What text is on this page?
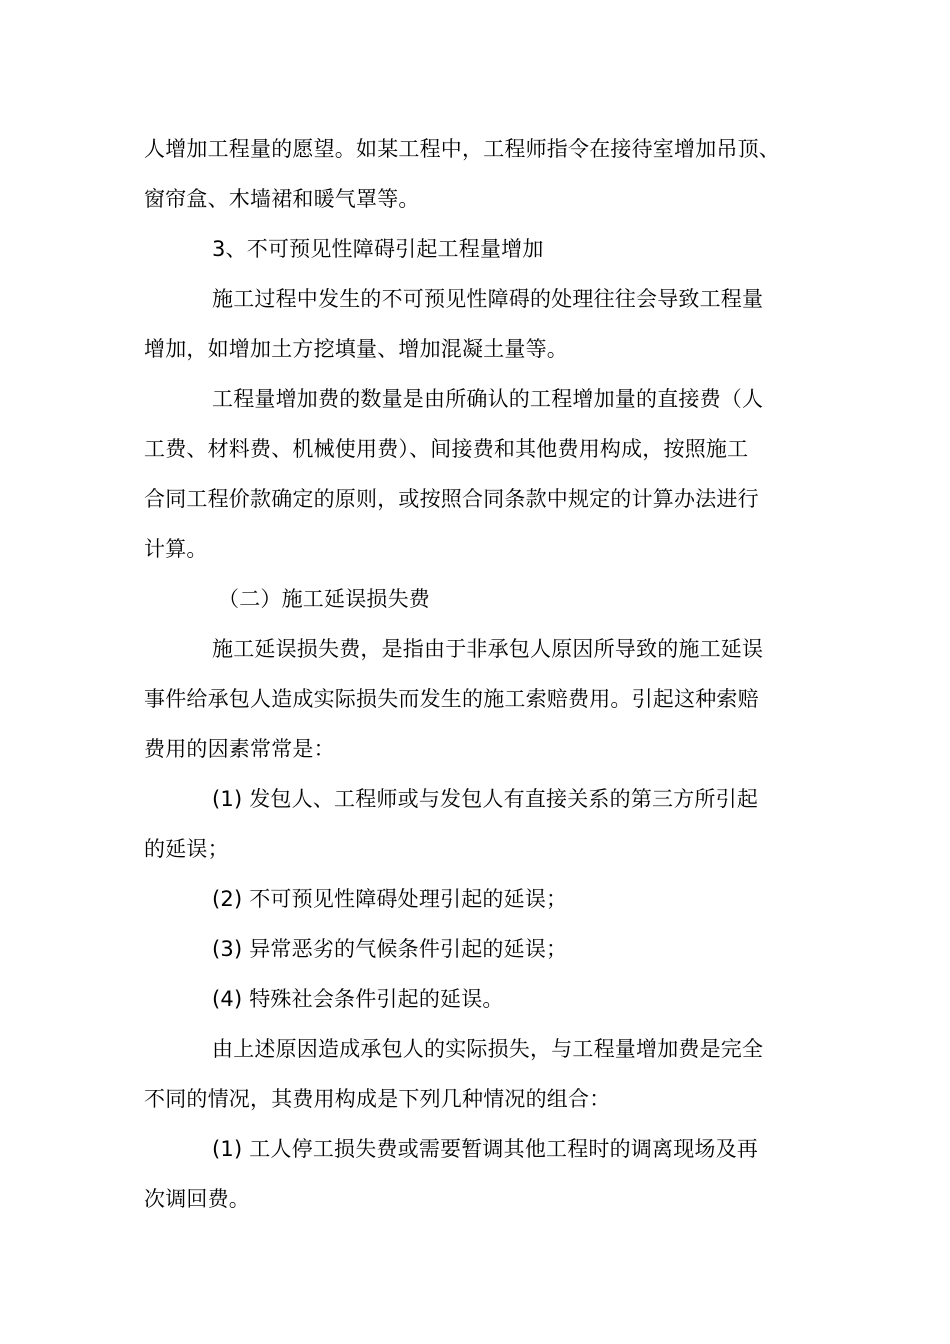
人增加工程量的愿望。如某工程中，工程师指令在接待室增加吊顶、
窗帘盒、木墙裙和暖气罩等。
3、不可预见性障碍引起工程量增加
施工过程中发生的不可预见性障碍的处理往往会导致工程量
增加，如增加土方挖填量、增加混凝土量等。
工程量增加费的数量是由所确认的工程增加量的直接费（人
工费、材料费、机械使用费）、间接费和其他费用构成，按照施工
合同工程价款确定的原则，或按照合同条款中规定的计算办法进行
计算。
（二）施工延误损失费
施工延误损失费，是指由于非承包人原因所导致的施工延误
事件给承包人造成实际损失而发生的施工索赔费用。引起这种索赔
费用的因素常常是：
(1) 发包人、工程师或与发包人有直接关系的第三方所引起
的延误；
(2) 不可预见性障碍处理引起的延误；
(3) 异常恶劣的气候条件引起的延误；
(4) 特殊社会条件引起的延误。
由上述原因造成承包人的实际损失，与工程量增加费是完全
不同的情况，其费用构成是下列几种情况的组合：
(1) 工人停工损失费或需要暂调其他工程时的调离现场及再
次调回费。
